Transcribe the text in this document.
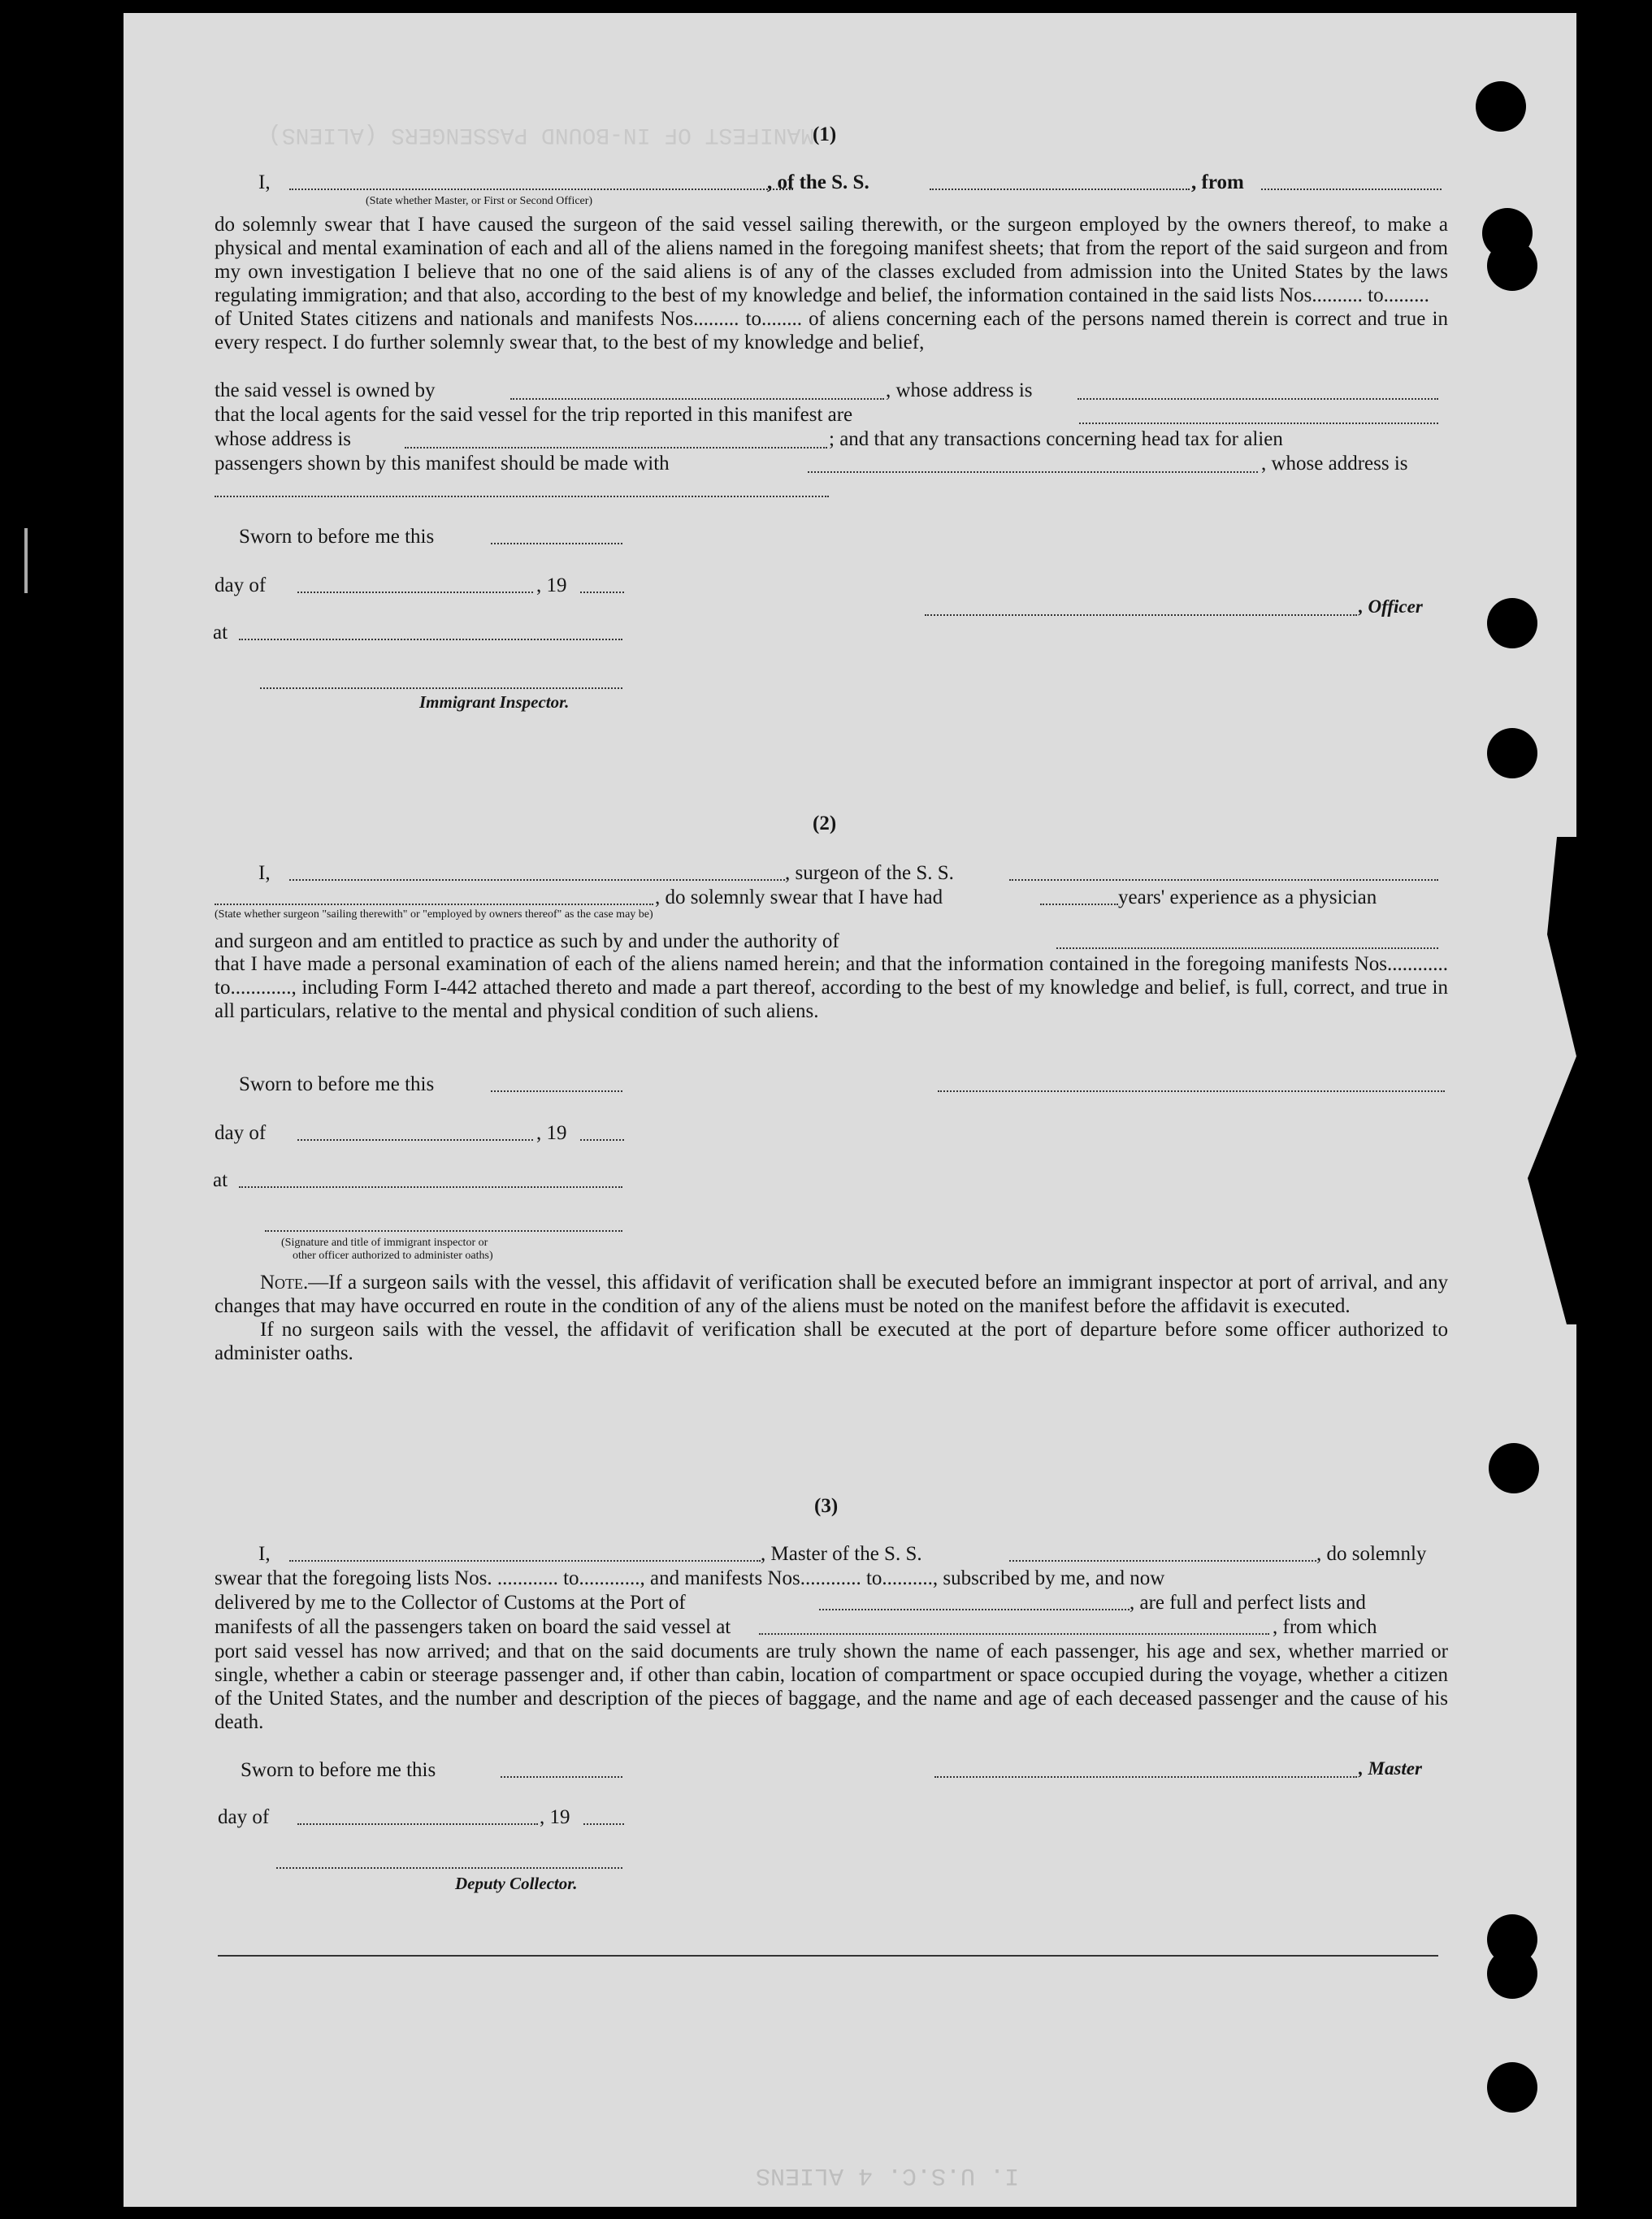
MANIFEST OF IN-BOUND PASSENGERS (ALIENS)
(1)
I,	, of the S. S.	, from
(State whether Master, or First or Second Officer)

do solemnly swear that I have caused the surgeon of the said vessel sailing therewith, or the surgeon employed by the owners thereof, to make a physical and mental examination of each and all of the aliens named in the foregoing manifest sheets; that from the report of the said surgeon and from my own investigation I believe that no one of the said aliens is of any of the classes excluded from admission into the United States by the laws regulating immigration; and that also, according to the best of my knowledge and belief, the information contained in the said lists Nos.......... to.........

of United States citizens and nationals and manifests Nos......... to........ of aliens concerning each of the persons named therein is correct and true in every respect. I do further solemnly swear that, to the best of my knowledge and belief,

the said vessel is owned by	, whose address is
that the local agents for the said vessel for the trip reported in this manifest are
whose address is	; and that any transactions concerning head tax for alien
passengers shown by this manifest should be made with	, whose address is
Sworn to before me this
day of	, 19
at
Immigrant Inspector.
, Officer
(2)
I,	, surgeon of the S. S.
, do solemnly swear that I have had	years' experience as a physician
(State whether surgeon "sailing therewith" or "employed by owners thereof" as the case may be)
and surgeon and am entitled to practice as such by and under the authority of

that I have made a personal examination of each of the aliens named herein; and that the information contained in the foregoing manifests Nos............ to............, including Form I-442 attached thereto and made a part thereof, according to the best of my knowledge and belief, is full, correct, and true in all particulars, relative to the mental and physical condition of such aliens.

Sworn to before me this
day of	, 19
at
(Signature and title of immigrant inspector or
other officer authorized to administer oaths)

Note.—If a surgeon sails with the vessel, this affidavit of verification shall be executed before an immigrant inspector at port of arrival, and any changes that may have occurred en route in the condition of any of the aliens must be noted on the manifest before the affidavit is executed.

If no surgeon sails with the vessel, the affidavit of verification shall be executed at the port of departure before some officer authorized to administer oaths.

(3)
I,	, Master of the S. S.	, do solemnly
swear that the foregoing lists Nos. ............ to............, and manifests Nos............ to.........., subscribed by me, and now
delivered by me to the Collector of Customs at the Port of	, are full and perfect lists and
manifests of all the passengers taken on board the said vessel at	, from which

port said vessel has now arrived; and that on the said documents are truly shown the name of each passenger, his age and sex, whether married or single, whether a cabin or steerage passenger and, if other than cabin, location of compartment or space occupied during the voyage, whether a citizen of the United States, and the number and description of the pieces of baggage, and the name and age of each deceased passenger and the cause of his death.

Sworn to before me this	, Master
day of	, 19
Deputy Collector.
I. U.S.C. 4 ALIENS
